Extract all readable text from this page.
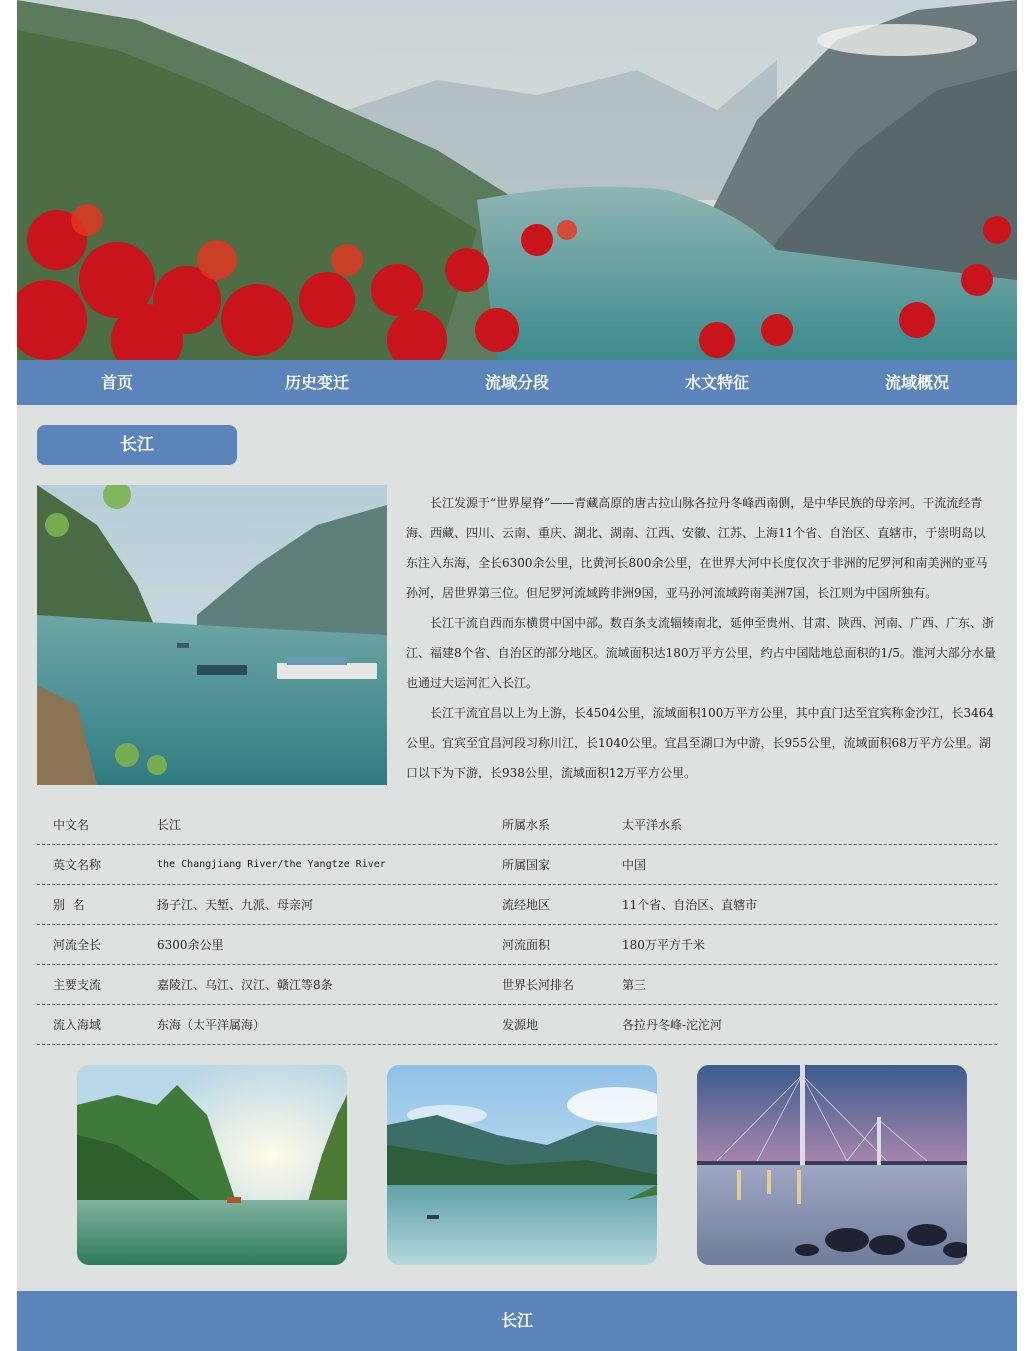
首页	历史变迁	流域分段	水文特征	流域概况
长江

长江发源于“世界屋脊”——青藏高原的唐古拉山脉各拉丹冬峰西南侧，是中华民族的母亲河。干流流经青海、西藏、四川、云南、重庆、湖北、湖南、江西、安徽、江苏、上海11个省、自治区、直辖市，于崇明岛以东注入东海，全长6300余公里，比黄河长800余公里，在世界大河中长度仅次于非洲的尼罗河和南美洲的亚马孙河，居世界第三位。但尼罗河流域跨非洲9国，亚马孙河流域跨南美洲7国，长江则为中国所独有。

长江干流自西而东横贯中国中部。数百条支流辐辏南北，延伸至贵州、甘肃、陕西、河南、广西、广东、浙江、福建8个省、自治区的部分地区。流域面积达180万平方公里，约占中国陆地总面积的1/5。淮河大部分水量也通过大运河汇入长江。

长江干流宜昌以上为上游，长4504公里，流域面积100万平方公里，其中直门达至宜宾称金沙江，长3464公里。宜宾至宜昌河段习称川江，长1040公里。宜昌至湖口为中游，长955公里，流域面积68万平方公里。湖口以下为下游，长938公里，流域面积12万平方公里。

中文名	长江	所属水系	太平洋水系
英文名称	the Changjiang River/the Yangtze River	所属国家	中国
别  名	扬子江、天堑、九派、母亲河	流经地区	11个省、自治区、直辖市
河流全长	6300余公里	河流面积	180万平方千米
主要支流	嘉陵江、乌江、汉江、赣江等8条	世界长河排名	第三
流入海域	东海（太平洋属海）	发源地	各拉丹冬峰-沱沱河
长江
